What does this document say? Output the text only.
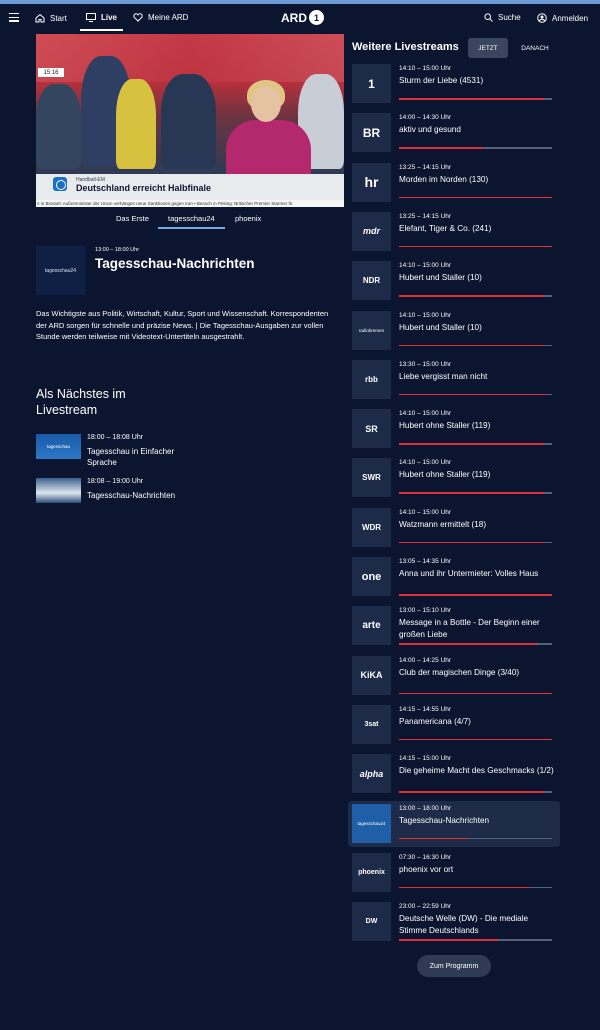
Start	Live	Meine ARD	ARD 1	Suche	Anmelden
15:16
Handball-EM
Deutschland erreicht Halbfinale
n in Brüssel: Außenminister der Union verhängen neue Sanktionen gegen Iran • Besuch in Peking: Britischer Premier Starmer fü
Das Erste	tagesschau24	phoenix
tagesschau24
13:00 – 18:00 Uhr
Tagesschau-Nachrichten
Das Wichtigste aus Politik, Wirtschaft, Kultur, Sport und Wissenschaft. Korrespondenten der ARD sorgen für schnelle und präzise News. | Die Tagesschau-Ausgaben zur vollen Stunde werden teilweise mit Videotext-Untertiteln ausgestrahlt.
Als Nächstes im Livestream
tagesschau
18:00 – 18:08 Uhr
Tagesschau in Einfacher Sprache
18:08 – 19:00 Uhr
Tagesschau-Nachrichten
Weitere Livestreams	JETZT	DANACH
1
14:10 – 15:00 Uhr
Sturm der Liebe (4531)
BR
14:00 – 14:30 Uhr
aktiv und gesund
hr
13:25 – 14:15 Uhr
Morden im Norden (130)
mdr
13:25 – 14:15 Uhr
Elefant, Tiger & Co. (241)
NDR
14:10 – 15:00 Uhr
Hubert und Staller (10)
radiobremen
14:10 – 15:00 Uhr
Hubert und Staller (10)
rbb
13:30 – 15:00 Uhr
Liebe vergisst man nicht
SR
14:10 – 15:00 Uhr
Hubert ohne Staller (119)
SWR
14:10 – 15:00 Uhr
Hubert ohne Staller (119)
WDR
14:10 – 15:00 Uhr
Watzmann ermittelt (18)
one
13:05 – 14:35 Uhr
Anna und ihr Untermieter: Volles Haus
arte
13:00 – 15:10 Uhr
Message in a Bottle - Der Beginn einer großen Liebe
KiKA
14:00 – 14:25 Uhr
Club der magischen Dinge (3/40)
3sat
14:15 – 14:55 Uhr
Panamericana (4/7)
alpha
14:15 – 15:00 Uhr
Die geheime Macht des Geschmacks (1/2)
tagesschau24
13:00 – 18:00 Uhr
Tagesschau-Nachrichten
phoenix
07:30 – 16:30 Uhr
phoenix vor ort
DW
23:00 – 22:59 Uhr
Deutsche Welle (DW) - Die mediale Stimme Deutschlands
Zum Programm
